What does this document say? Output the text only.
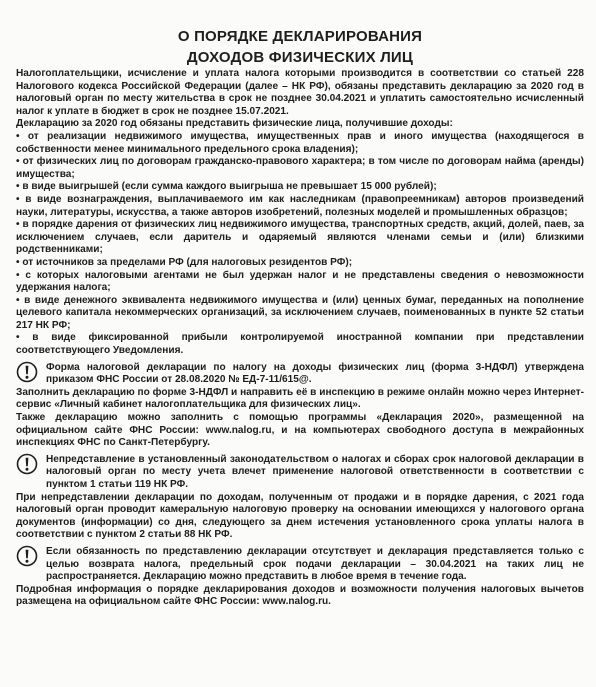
О ПОРЯДКЕ ДЕКЛАРИРОВАНИЯ
ДОХОДОВ ФИЗИЧЕСКИХ ЛИЦ

Налогоплательщики, исчисление и уплата налога которыми производится в соответствии со статьей 228 Налогового кодекса Российской Федерации (далее – НК РФ), обязаны представить декларацию за 2020 год в налоговый орган по месту жительства в срок не позднее 30.04.2021 и уплатить самостоятельно исчисленный налог к уплате в бюджет в срок не позднее 15.07.2021.

Декларацию за 2020 год обязаны представить физические лица, получившие доходы:

• от реализации недвижимого имущества, имущественных прав и иного имущества (находящегося в собственности менее минимального предельного срока владения);

• от физических лиц по договорам гражданско-правового характера; в том числе по договорам найма (аренды) имущества;

• в виде выигрышей (если сумма каждого выигрыша не превышает 15 000 рублей);

• в виде вознаграждения, выплачиваемого им как наследникам (правопреемникам) авторов произведений науки, литературы, искусства, а также авторов изобретений, полезных моделей и промышленных образцов;

• в порядке дарения от физических лиц недвижимого имущества, транспортных средств, акций, долей, паев, за исключением случаев, если даритель и одаряемый являются членами семьи и (или) близкими родственниками;

• от источников за пределами РФ (для налоговых резидентов РФ);

• с которых налоговыми агентами не был удержан налог и не представлены сведения о невозможности удержания налога;

• в виде денежного эквивалента недвижимого имущества и (или) ценных бумаг, переданных на пополнение целевого капитала некоммерческих организаций, за исключением случаев, поименованных в пункте 52 статьи 217 НК РФ;

• в виде фиксированной прибыли контролируемой иностранной компании при представлении соответствующего Уведомления.

Форма налоговой декларации по налогу на доходы физических лиц (форма 3-НДФЛ) утверждена приказом ФНС России от 28.08.2020 № ЕД-7-11/615@.

Заполнить декларацию по форме 3-НДФЛ и направить её в инспекцию в режиме онлайн можно через Интернет-сервис «Личный кабинет налогоплательщика для физических лиц».

Также декларацию можно заполнить с помощью программы «Декларация 2020», размещенной на официальном сайте ФНС России: www.nalog.ru, и на компьютерах свободного доступа в межрайонных инспекциях ФНС по Санкт-Петербургу.

Непредставление в установленный законодательством о налогах и сборах срок налоговой декларации в налоговый орган по месту учета влечет применение налоговой ответственности в соответствии с пунктом 1 статьи 119 НК РФ.

При непредставлении декларации по доходам, полученным от продажи и в порядке дарения, с 2021 года налоговый орган проводит камеральную налоговую проверку на основании имеющихся у налогового органа документов (информации) со дня, следующего за днем истечения установленного срока уплаты налога в соответствии с пунктом 2 статьи 88 НК РФ.

Если обязанность по представлению декларации отсутствует и декларация представляется только с целью возврата налога, предельный срок подачи декларации – 30.04.2021 на таких лиц не распространяется. Декларацию можно представить в любое время в течение года.

Подробная информация о порядке декларирования доходов и возможности получения налоговых вычетов размещена на официальном сайте ФНС России: www.nalog.ru.
